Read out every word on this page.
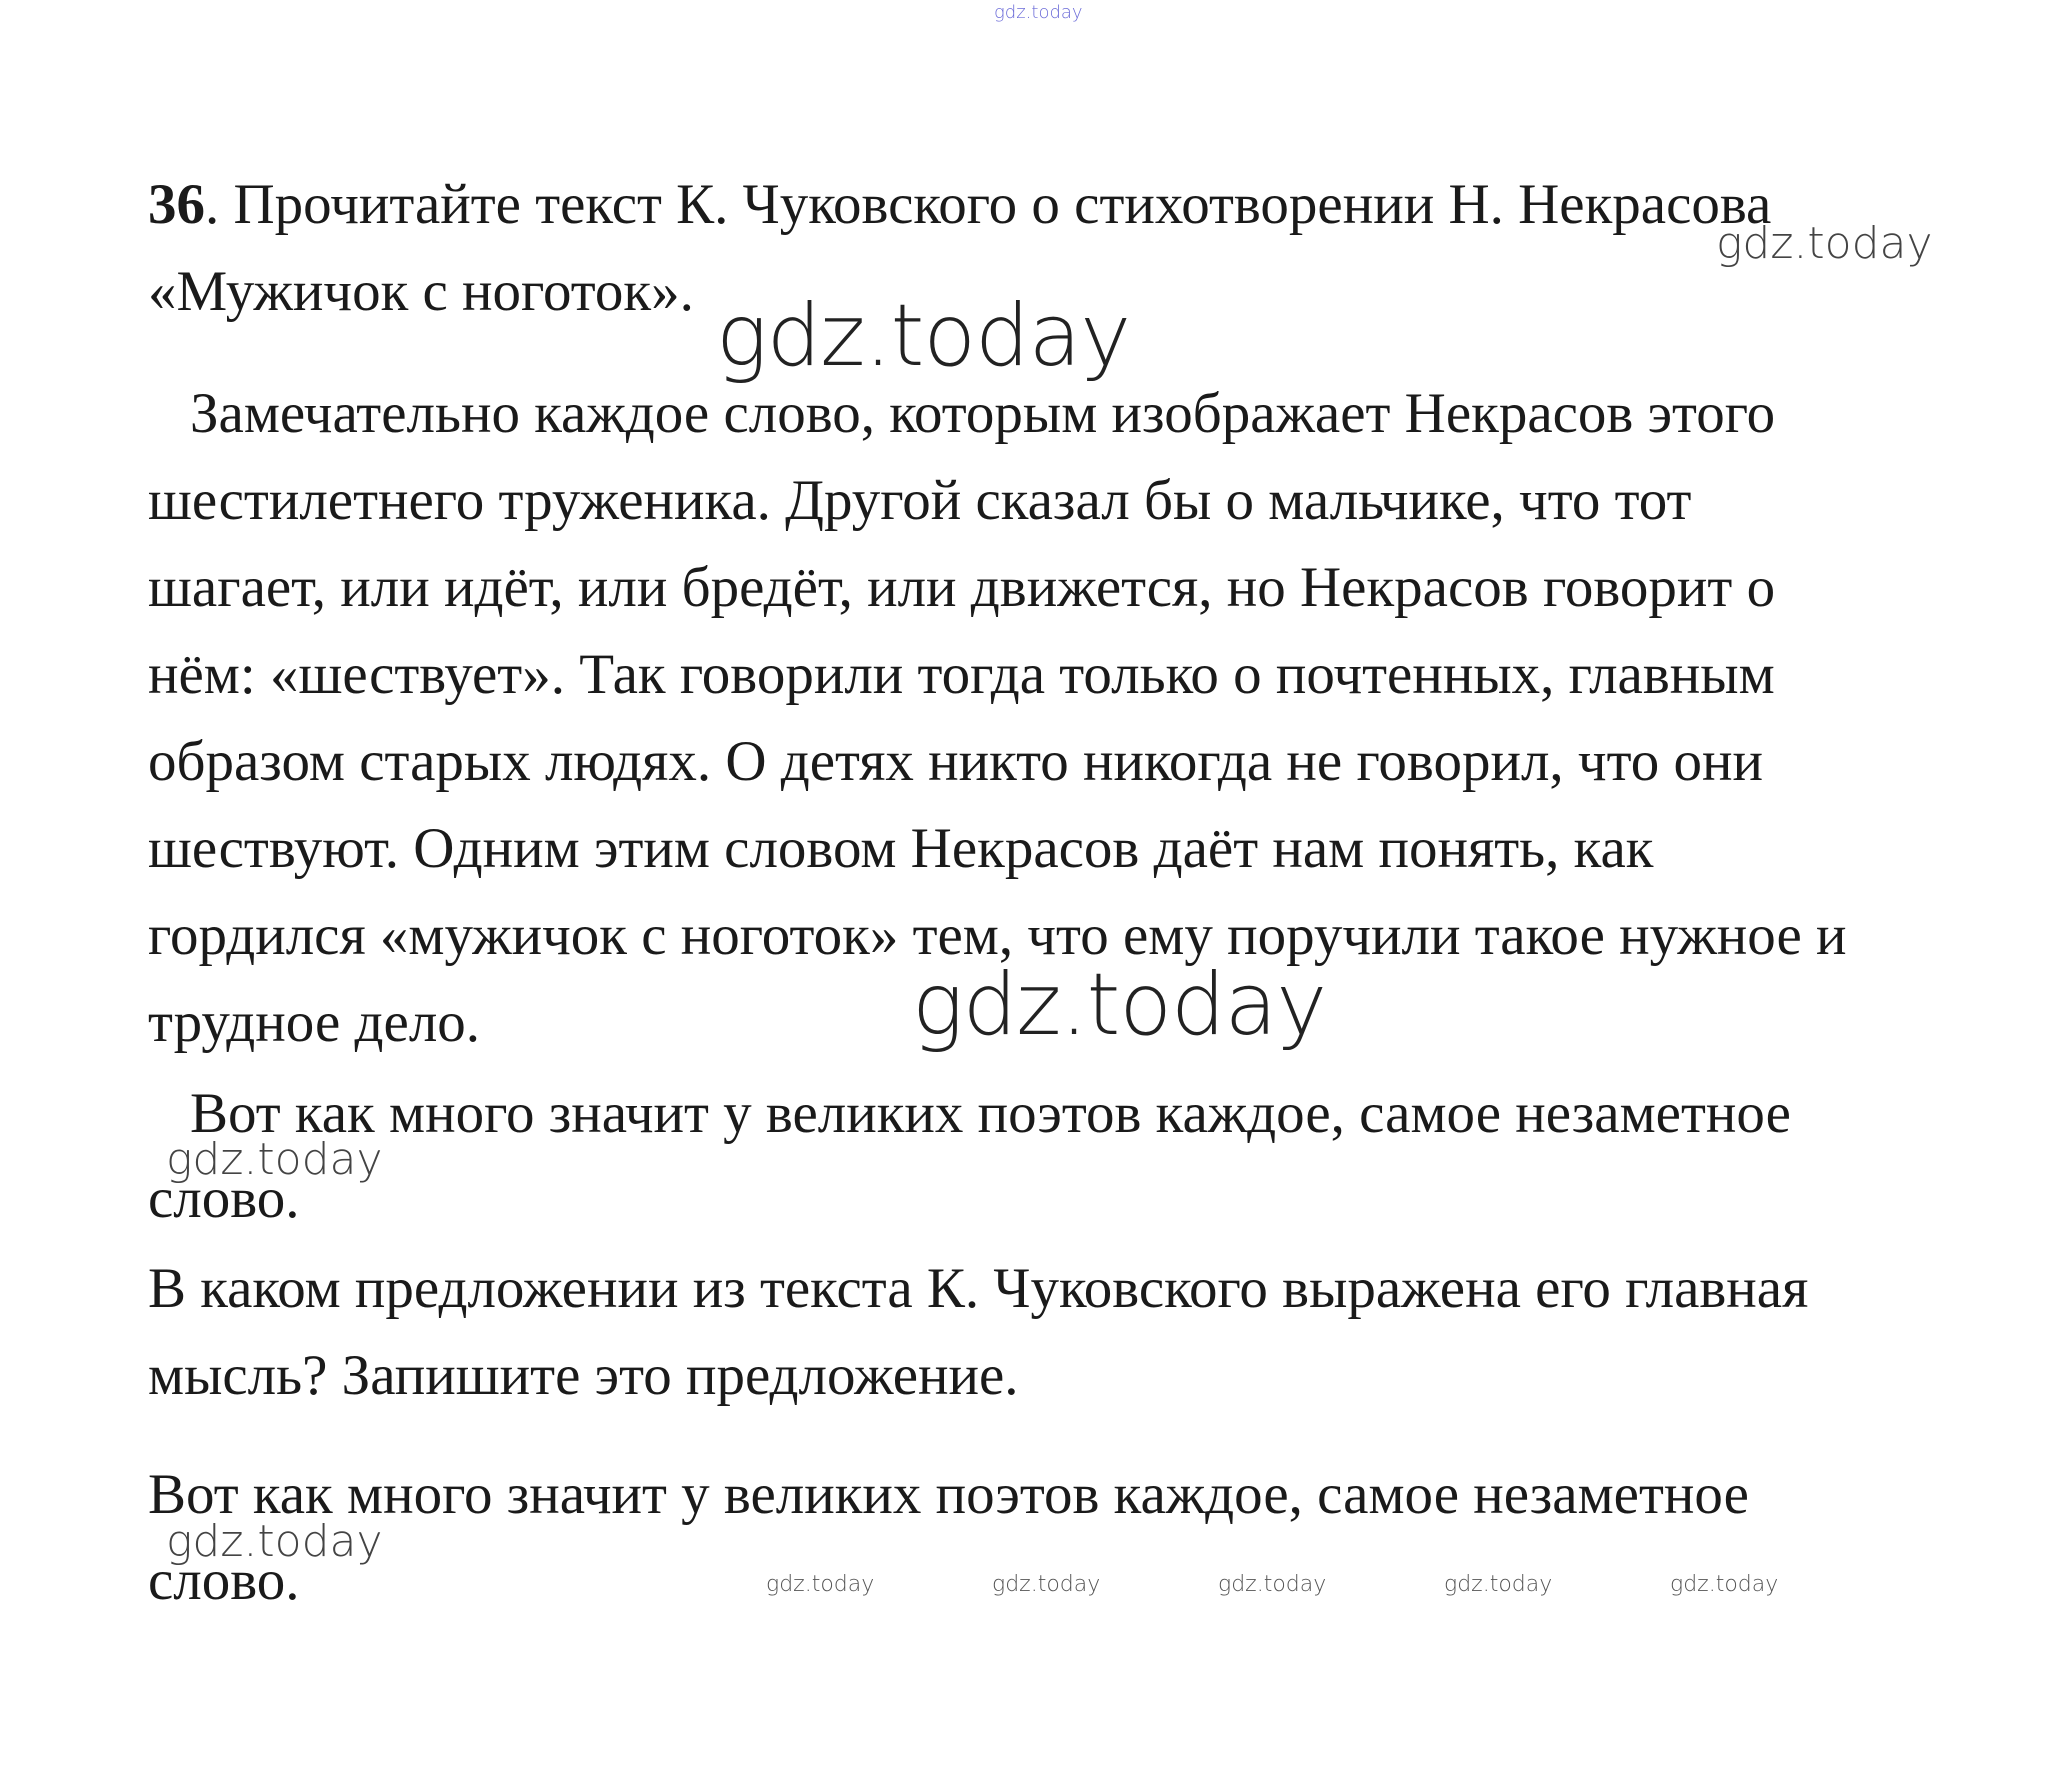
gdz.today
36. Прочитайте текст К. Чуковского о стихотворении Н. Некрасова
«Мужичок с ноготок».
gdz.today
Замечательно каждое слово, которым изображает Некрасов этого
шестилетнего труженика. Другой сказал бы о мальчике, что тот
шагает, или идёт, или бредёт, или движется, но Некрасов говорит о
нём: «шествует». Так говорили тогда только о почтенных, главным
образом старых людях. О детях никто никогда не говорил, что они
шествуют. Одним этим словом Некрасов даёт нам понять, как
гордился «мужичок с ноготок» тем, что ему поручили такое нужное и
трудное дело.
gdz.today
gdz.today
Вот как много значит у великих поэтов каждое, самое незаметное
слово.
gdz.today
В каком предложении из текста К. Чуковского выражена его главная
мысль? Запишите это предложение.
Вот как много значит у великих поэтов каждое, самое незаметное
слово.
gdz.today
gdz.today	gdz.today	gdz.today	gdz.today	gdz.today
